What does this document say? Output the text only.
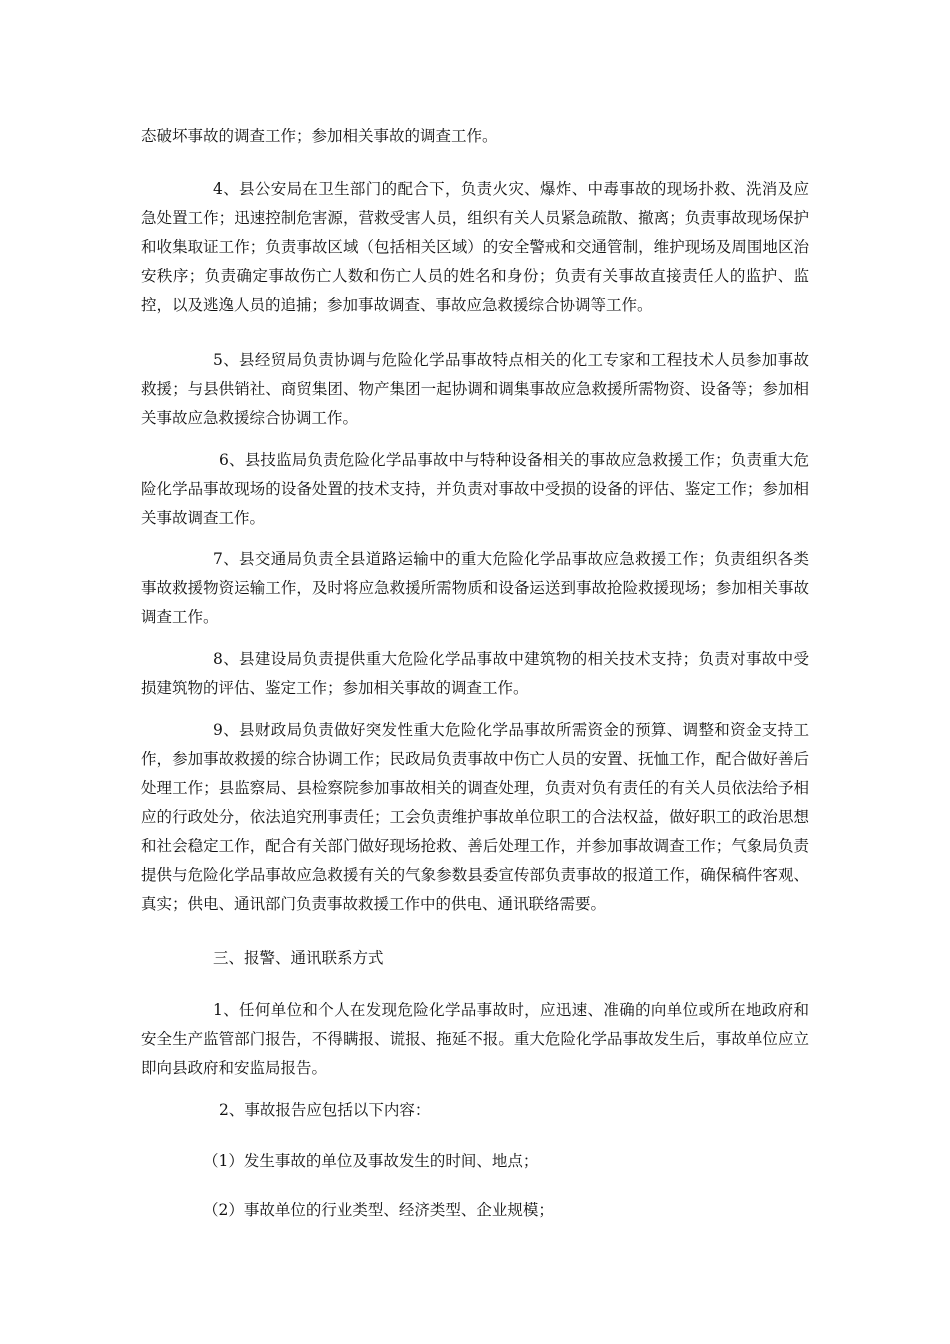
态破坏事故的调查工作；参加相关事故的调查工作。

4、县公安局在卫生部门的配合下，负责火灾、爆炸、中毒事故的现场扑救、洗消及应急处置工作；迅速控制危害源，营救受害人员，组织有关人员紧急疏散、撤离；负责事故现场保护和收集取证工作；负责事故区域（包括相关区域）的安全警戒和交通管制，维护现场及周围地区治安秩序；负责确定事故伤亡人数和伤亡人员的姓名和身份；负责有关事故直接责任人的监护、监控，以及逃逸人员的追捕；参加事故调查、事故应急救援综合协调等工作。

5、县经贸局负责协调与危险化学品事故特点相关的化工专家和工程技术人员参加事故救援；与县供销社、商贸集团、物产集团一起协调和调集事故应急救援所需物资、设备等；参加相关事故应急救援综合协调工作。

6、县技监局负责危险化学品事故中与特种设备相关的事故应急救援工作；负责重大危险化学品事故现场的设备处置的技术支持，并负责对事故中受损的设备的评估、鉴定工作；参加相关事故调查工作。

7、县交通局负责全县道路运输中的重大危险化学品事故应急救援工作；负责组织各类事故救援物资运输工作，及时将应急救援所需物质和设备运送到事故抢险救援现场；参加相关事故调查工作。

8、县建设局负责提供重大危险化学品事故中建筑物的相关技术支持；负责对事故中受损建筑物的评估、鉴定工作；参加相关事故的调查工作。

9、县财政局负责做好突发性重大危险化学品事故所需资金的预算、调整和资金支持工作，参加事故救援的综合协调工作；民政局负责事故中伤亡人员的安置、抚恤工作，配合做好善后处理工作；县监察局、县检察院参加事故相关的调查处理，负责对负有责任的有关人员依法给予相应的行政处分，依法追究刑事责任；工会负责维护事故单位职工的合法权益，做好职工的政治思想和社会稳定工作，配合有关部门做好现场抢救、善后处理工作，并参加事故调查工作；气象局负责提供与危险化学品事故应急救援有关的气象参数县委宣传部负责事故的报道工作，确保稿件客观、真实；供电、通讯部门负责事故救援工作中的供电、通讯联络需要。

三、报警、通讯联系方式

1、任何单位和个人在发现危险化学品事故时，应迅速、准确的向单位或所在地政府和安全生产监管部门报告，不得瞒报、谎报、拖延不报。重大危险化学品事故发生后，事故单位应立即向县政府和安监局报告。

2、事故报告应包括以下内容：

（1）发生事故的单位及事故发生的时间、地点；

（2）事故单位的行业类型、经济类型、企业规模；
